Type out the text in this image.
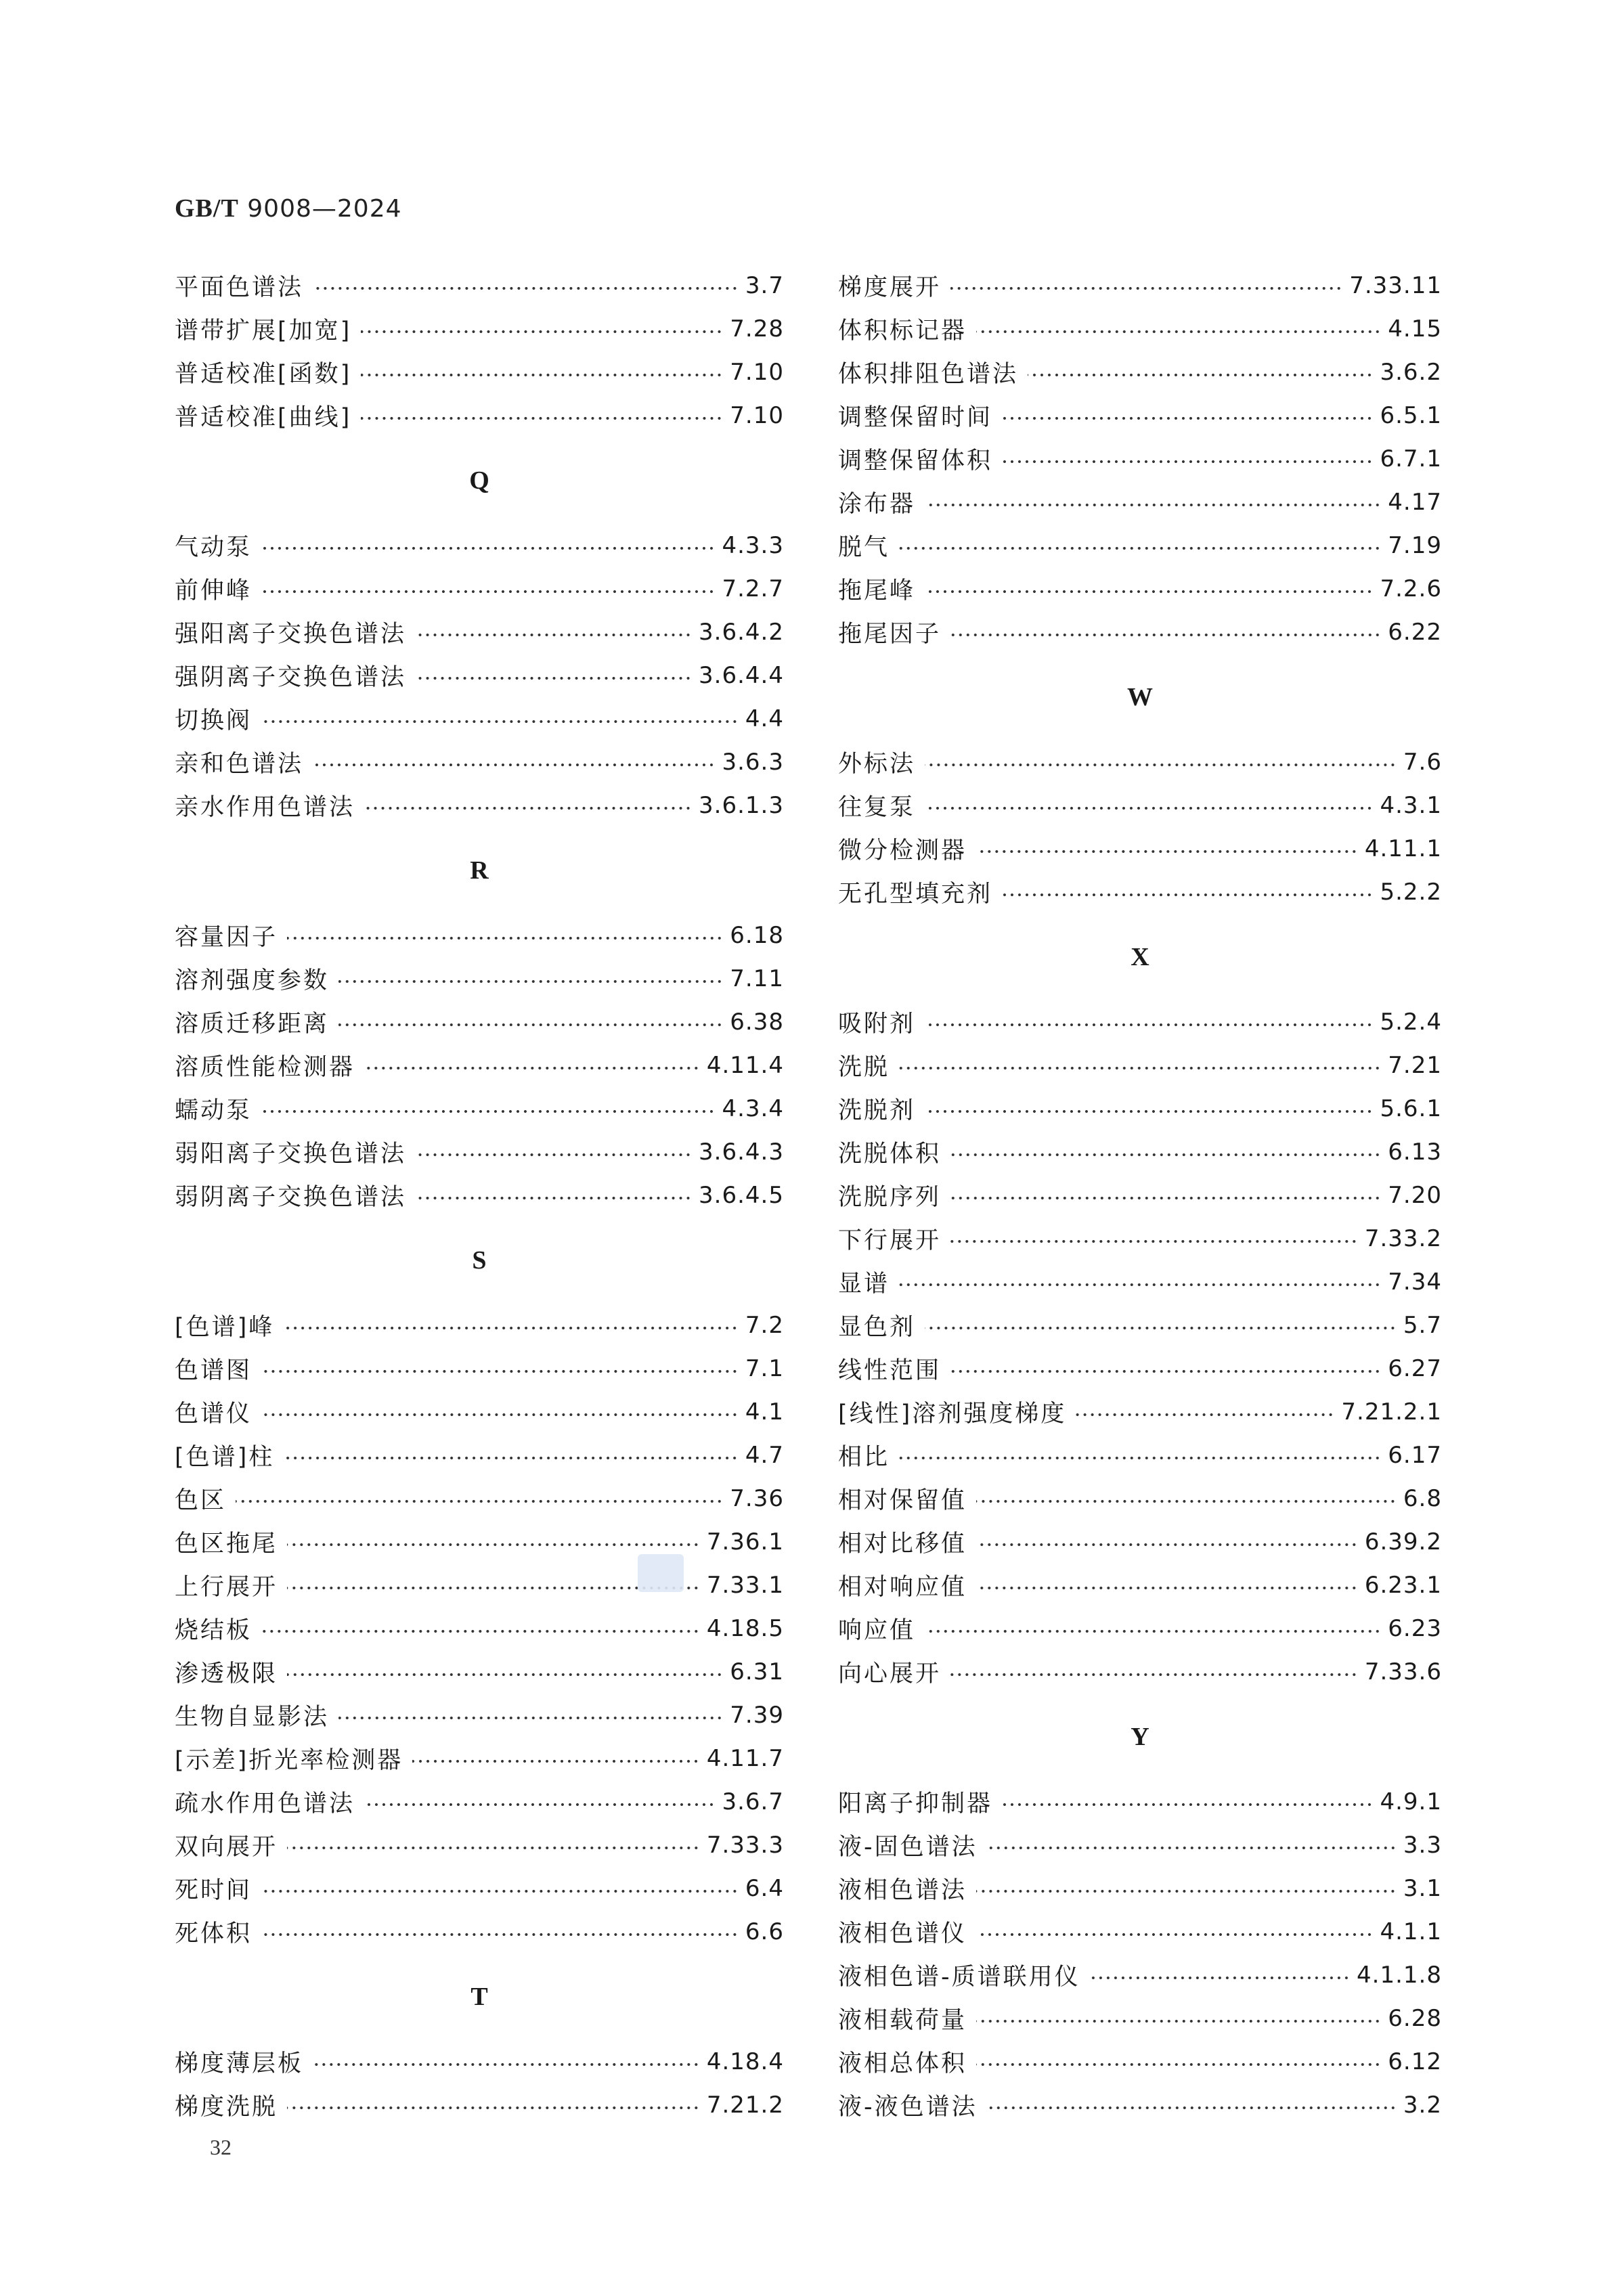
GB/T 9008—2024
平面色谱法	3.7
谱带扩展[加宽]	7.28
普适校准[函数]	7.10
普适校准[曲线]	7.10
Q
气动泵	4.3.3
前伸峰	7.2.7
强阳离子交换色谱法	3.6.4.2
强阴离子交换色谱法	3.6.4.4
切换阀	4.4
亲和色谱法	3.6.3
亲水作用色谱法	3.6.1.3
R
容量因子	6.18
溶剂强度参数	7.11
溶质迁移距离	6.38
溶质性能检测器	4.11.4
蠕动泵	4.3.4
弱阳离子交换色谱法	3.6.4.3
弱阴离子交换色谱法	3.6.4.5
S
[色谱]峰	7.2
色谱图	7.1
色谱仪	4.1
[色谱]柱	4.7
色区	7.36
色区拖尾	7.36.1
上行展开	7.33.1
烧结板	4.18.5
渗透极限	6.31
生物自显影法	7.39
[示差]折光率检测器	4.11.7
疏水作用色谱法	3.6.7
双向展开	7.33.3
死时间	6.4
死体积	6.6
T
梯度薄层板	4.18.4
梯度洗脱	7.21.2
梯度展开	7.33.11
体积标记器	4.15
体积排阻色谱法	3.6.2
调整保留时间	6.5.1
调整保留体积	6.7.1
涂布器	4.17
脱气	7.19
拖尾峰	7.2.6
拖尾因子	6.22
W
外标法	7.6
往复泵	4.3.1
微分检测器	4.11.1
无孔型填充剂	5.2.2
X
吸附剂	5.2.4
洗脱	7.21
洗脱剂	5.6.1
洗脱体积	6.13
洗脱序列	7.20
下行展开	7.33.2
显谱	7.34
显色剂	5.7
线性范围	6.27
[线性]溶剂强度梯度	7.21.2.1
相比	6.17
相对保留值	6.8
相对比移值	6.39.2
相对响应值	6.23.1
响应值	6.23
向心展开	7.33.6
Y
阳离子抑制器	4.9.1
液-固色谱法	3.3
液相色谱法	3.1
液相色谱仪	4.1.1
液相色谱-质谱联用仪	4.1.1.8
液相载荷量	6.28
液相总体积	6.12
液-液色谱法	3.2
32
